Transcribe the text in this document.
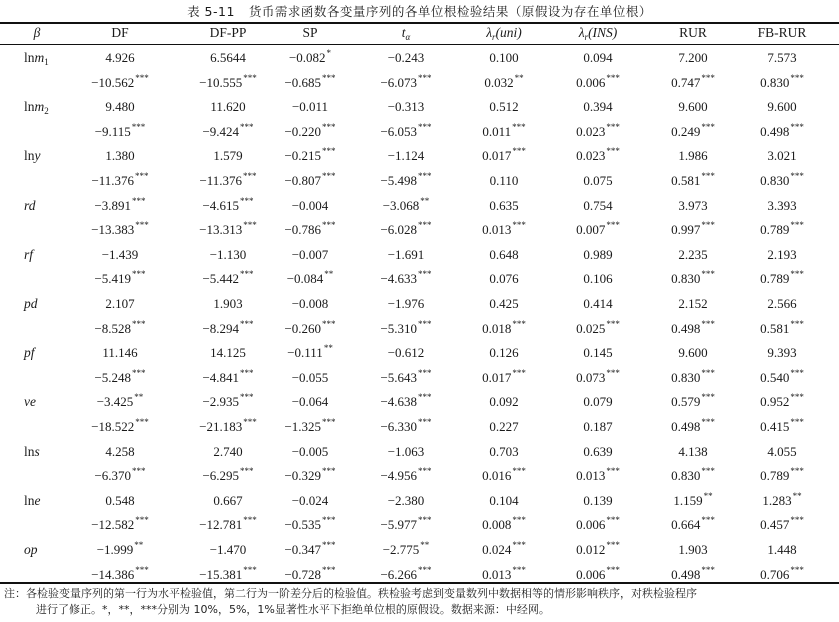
表 5-11 货币需求函数各变量序列的各单位根检验结果（原假设为存在单位根）
β	DF	DF-PP	SP	$t_\alpha$	$\lambda_r(uni)$	$\lambda_r(INS)$	RUR	FB-RUR
lnm$_1$	4.926	6.5644	−0.082*	−0.243	0.100	0.094	7.200	7.573
−10.562***	−10.555***	−0.685***	−6.073***	0.032**	0.006***	0.747***	0.830***
lnm$_2$	9.480	11.620	−0.011	−0.313	0.512	0.394	9.600	9.600
−9.115***	−9.424***	−0.220***	−6.053***	0.011***	0.023***	0.249***	0.498***
lny	1.380	1.579	−0.215***	−1.124	0.017***	0.023***	1.986	3.021
−11.376***	−11.376***	−0.807***	−5.498***	0.110	0.075	0.581***	0.830***
rd	−3.891***	−4.615***	−0.004	−3.068**	0.635	0.754	3.973	3.393
−13.383***	−13.313***	−0.786***	−6.028***	0.013***	0.007***	0.997***	0.789***
rf	−1.439	−1.130	−0.007	−1.691	0.648	0.989	2.235	2.193
−5.419***	−5.442***	−0.084**	−4.633***	0.076	0.106	0.830***	0.789***
pd	2.107	1.903	−0.008	−1.976	0.425	0.414	2.152	2.566
−8.528***	−8.294***	−0.260***	−5.310***	0.018***	0.025***	0.498***	0.581***
pf	11.146	14.125	−0.111**	−0.612	0.126	0.145	9.600	9.393
−5.248***	−4.841***	−0.055	−5.643***	0.017***	0.073***	0.830***	0.540***
ve	−3.425**	−2.935***	−0.064	−4.638***	0.092	0.079	0.579***	0.952***
−18.522***	−21.183***	−1.325***	−6.330***	0.227	0.187	0.498***	0.415***
lns	4.258	2.740	−0.005	−1.063	0.703	0.639	4.138	4.055
−6.370***	−6.295***	−0.329***	−4.956***	0.016***	0.013***	0.830***	0.789***
lne	0.548	0.667	−0.024	−2.380	0.104	0.139	1.159**	1.283**
−12.582***	−12.781***	−0.535***	−5.977***	0.008***	0.006***	0.664***	0.457***
op	−1.999**	−1.470	−0.347***	−2.775**	0.024***	0.012***	1.903	1.448
−14.386***	−15.381***	−0.728***	−6.266***	0.013***	0.006***	0.498***	0.706***
注：各检验变量序列的第一行为水平检验值，第二行为一阶差分后的检验值。秩检验考虑到变量数列中数据相等的情形影响秩序，对秩检验程序
进行了修正。*，**，***分别为 10%，5%，1%显著性水平下拒绝单位根的原假设。数据来源：中经网。
